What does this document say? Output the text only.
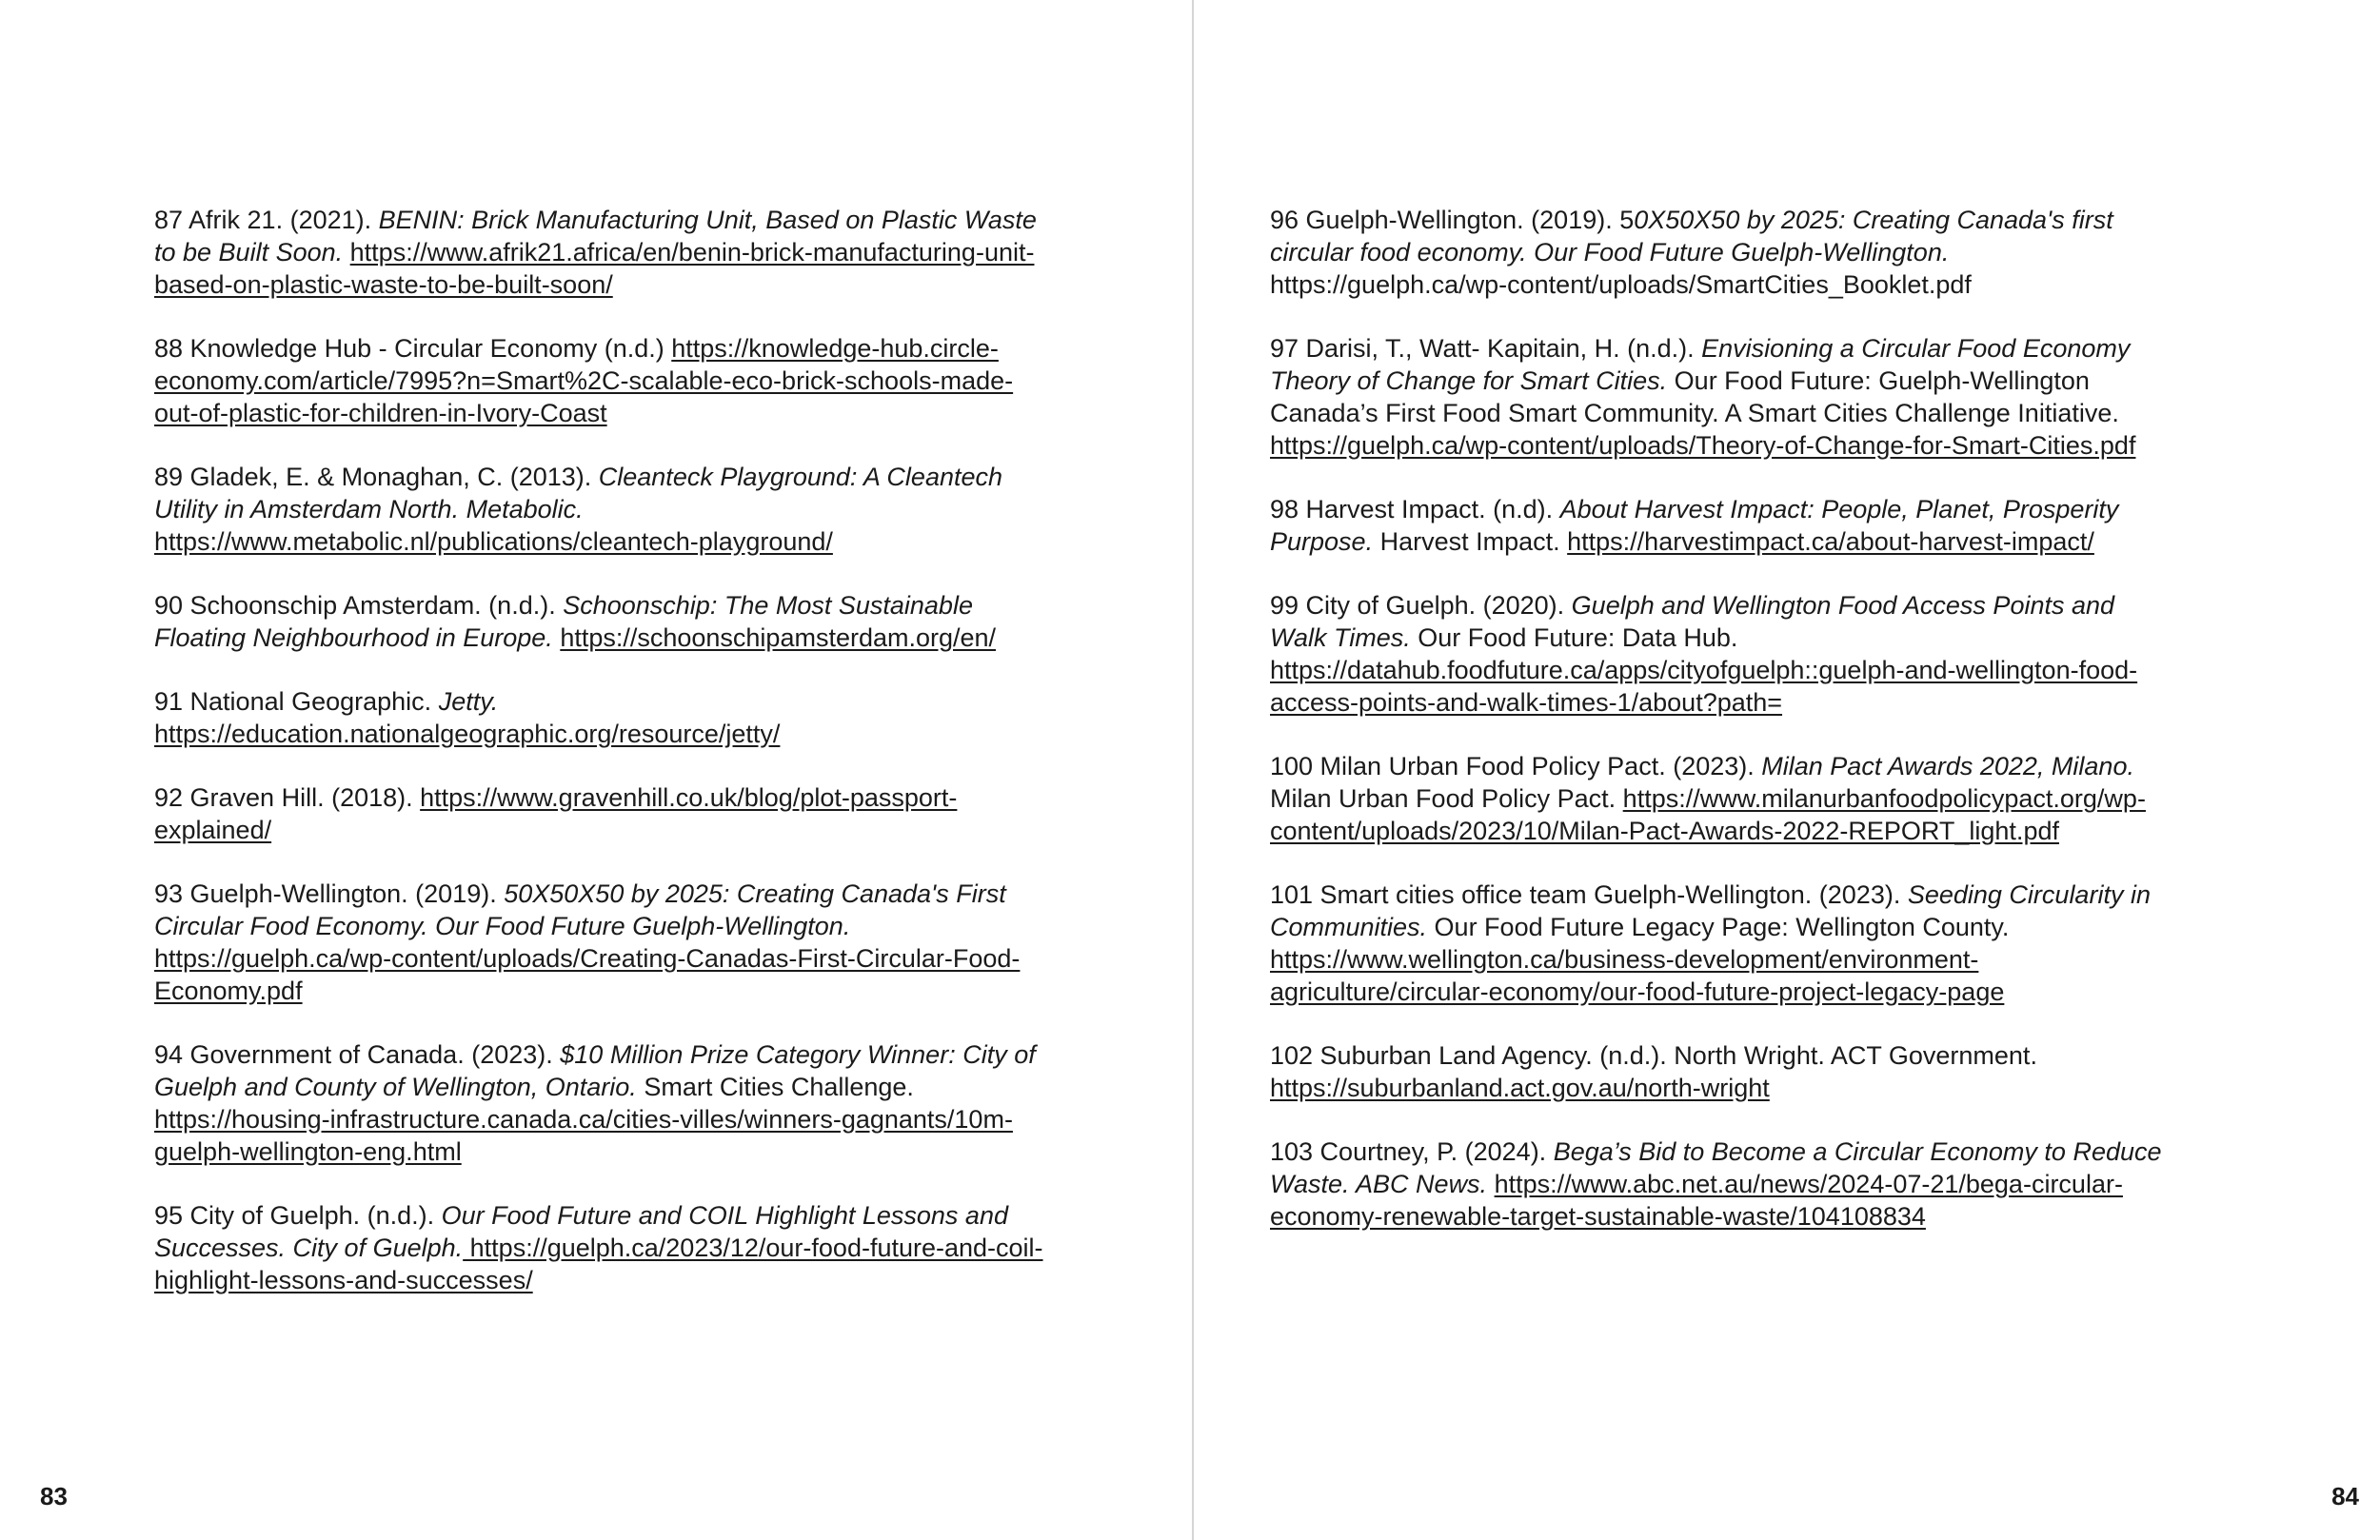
87 Afrik 21. (2021). BENIN: Brick Manufacturing Unit, Based on Plastic Waste to be Built Soon. https://www.afrik21.africa/en/benin-brick-manufacturing-unit-based-on-plastic-waste-to-be-built-soon/

88 Knowledge Hub - Circular Economy (n.d.) https://knowledge-hub.circle-economy.com/article/7995?n=Smart%2C-scalable-eco-brick-schools-made-out-of-plastic-for-children-in-Ivory-Coast

89 Gladek, E. & Monaghan, C. (2013). Cleanteck Playground: A Cleantech Utility in Amsterdam North. Metabolic. https://www.metabolic.nl/publications/cleantech-playground/

90 Schoonschip Amsterdam. (n.d.). Schoonschip: The Most Sustainable Floating Neighbourhood in Europe. https://schoonschipamsterdam.org/en/

91 National Geographic. Jetty.
https://education.nationalgeographic.org/resource/jetty/

92 Graven Hill. (2018). https://www.gravenhill.co.uk/blog/plot-passport-explained/

93 Guelph-Wellington. (2019). 50X50X50 by 2025: Creating Canada's First Circular Food Economy. Our Food Future Guelph-Wellington. https://guelph.ca/wp-content/uploads/Creating-Canadas-First-Circular-Food-Economy.pdf

94 Government of Canada. (2023). $10 Million Prize Category Winner: City of Guelph and County of Wellington, Ontario. Smart Cities Challenge. https://housing-infrastructure.canada.ca/cities-villes/winners-gagnants/10m-guelph-wellington-eng.html

95 City of Guelph. (n.d.). Our Food Future and COIL Highlight Lessons and Successes. City of Guelph. https://guelph.ca/2023/12/our-food-future-and-coil-highlight-lessons-and-successes/

83

96 Guelph-Wellington. (2019). 50X50X50 by 2025: Creating Canada's first circular food economy. Our Food Future Guelph-Wellington. https://guelph.ca/wp-content/uploads/SmartCities_Booklet.pdf

97 Darisi, T., Watt- Kapitain, H. (n.d.). Envisioning a Circular Food Economy Theory of Change for Smart Cities. Our Food Future: Guelph-Wellington Canada’s First Food Smart Community. A Smart Cities Challenge Initiative. https://guelph.ca/wp-content/uploads/Theory-of-Change-for-Smart-Cities.pdf

98 Harvest Impact. (n.d). About Harvest Impact: People, Planet, Prosperity Purpose. Harvest Impact. https://harvestimpact.ca/about-harvest-impact/

99 City of Guelph. (2020). Guelph and Wellington Food Access Points and Walk Times. Our Food Future: Data Hub. https://datahub.foodfuture.ca/apps/cityofguelph::guelph-and-wellington-food-access-points-and-walk-times-1/about?path=

100 Milan Urban Food Policy Pact. (2023). Milan Pact Awards 2022, Milano. Milan Urban Food Policy Pact. https://www.milanurbanfoodpolicypact.org/wp-content/uploads/2023/10/Milan-Pact-Awards-2022-REPORT_light.pdf

101 Smart cities office team Guelph-Wellington. (2023). Seeding Circularity in Communities. Our Food Future Legacy Page: Wellington County. https://www.wellington.ca/business-development/environment-agriculture/circular-economy/our-food-future-project-legacy-page

102 Suburban Land Agency. (n.d.). North Wright. ACT Government. https://suburbanland.act.gov.au/north-wright

103 Courtney, P. (2024). Bega’s Bid to Become a Circular Economy to Reduce Waste. ABC News. https://www.abc.net.au/news/2024-07-21/bega-circular-economy-renewable-target-sustainable-waste/104108834

84
